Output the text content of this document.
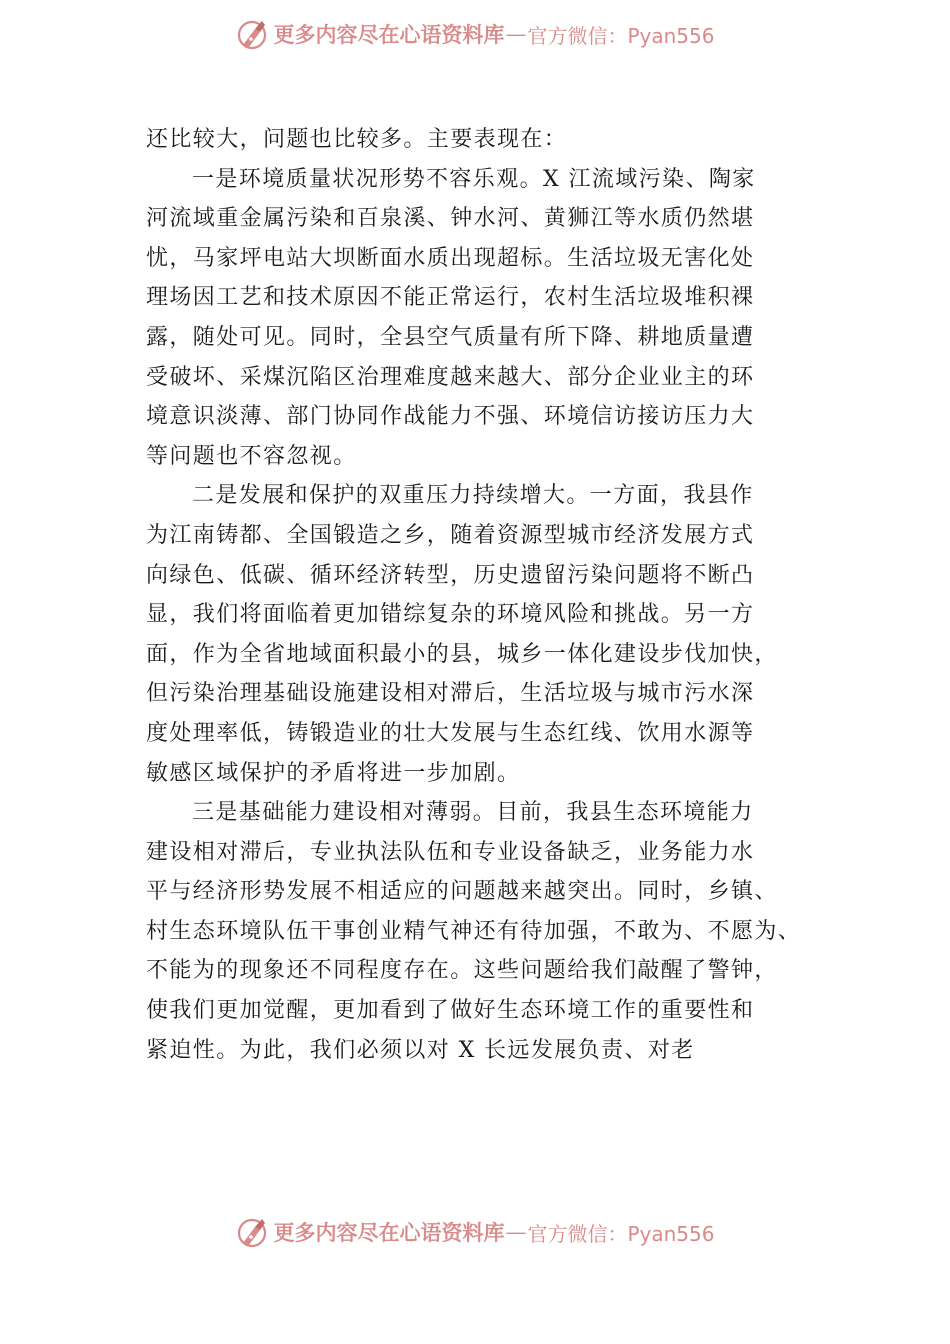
更多内容尽在心语资料库 — 官方微信：Pyan556
还比较大，问题也比较多。主要表现在：
一是环境质量状况形势不容乐观。X 江流域污染、陶家
河流域重金属污染和百泉溪、钟水河、黄狮江等水质仍然堪
忧，马家坪电站大坝断面水质出现超标。生活垃圾无害化处
理场因工艺和技术原因不能正常运行，农村生活垃圾堆积裸
露，随处可见。同时，全县空气质量有所下降、耕地质量遭
受破坏、采煤沉陷区治理难度越来越大、部分企业业主的环
境意识淡薄、部门协同作战能力不强、环境信访接访压力大
等问题也不容忽视。
二是发展和保护的双重压力持续增大。一方面，我县作
为江南铸都、全国锻造之乡，随着资源型城市经济发展方式
向绿色、低碳、循环经济转型，历史遗留污染问题将不断凸
显，我们将面临着更加错综复杂的环境风险和挑战。另一方
面，作为全省地域面积最小的县，城乡一体化建设步伐加快，
但污染治理基础设施建设相对滞后，生活垃圾与城市污水深
度处理率低，铸锻造业的壮大发展与生态红线、饮用水源等
敏感区域保护的矛盾将进一步加剧。
三是基础能力建设相对薄弱。目前，我县生态环境能力
建设相对滞后，专业执法队伍和专业设备缺乏，业务能力水
平与经济形势发展不相适应的问题越来越突出。同时，乡镇、
村生态环境队伍干事创业精气神还有待加强，不敢为、不愿为、
不能为的现象还不同程度存在。这些问题给我们敲醒了警钟，
使我们更加觉醒，更加看到了做好生态环境工作的重要性和
紧迫性。为此，我们必须以对 X 长远发展负责、对老
更多内容尽在心语资料库 — 官方微信：Pyan556
